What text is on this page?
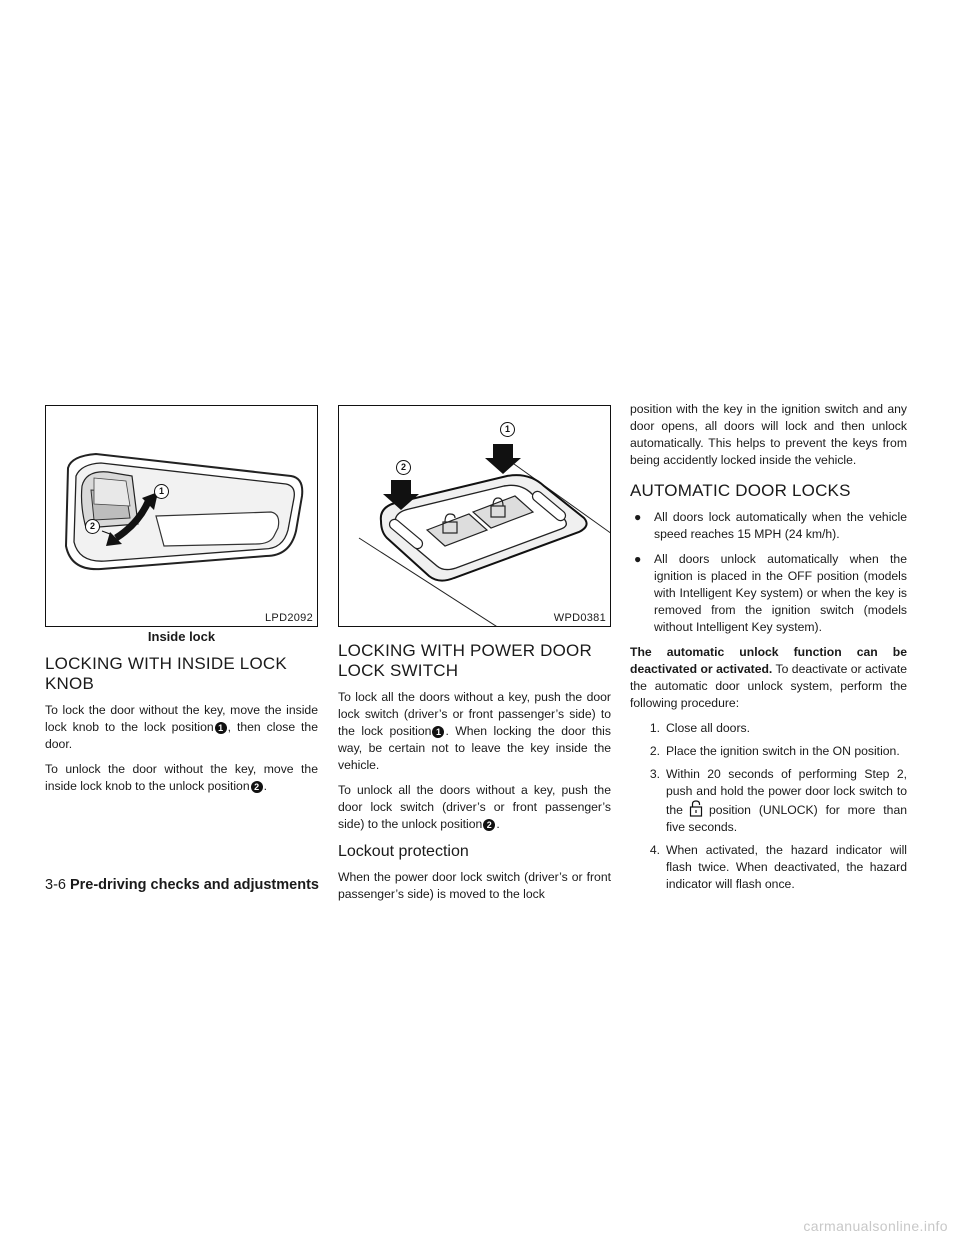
1
2
LPD2092
Inside lock
LOCKING WITH INSIDE LOCK KNOB

To lock the door without the key, move the inside lock knob to the lock position 1 , then close the door.

To unlock the door without the key, move the inside lock knob to the unlock position 2 .

1
2
WPD0381
LOCKING WITH POWER DOOR LOCK SWITCH

To lock all the doors without a key, push the door lock switch (driver’s or front passenger’s side) to the lock position 1 . When locking the door this way, be certain not to leave the key inside the vehicle.

To unlock all the doors without a key, push the door lock switch (driver’s or front passenger’s side) to the unlock position 2 .

Lockout protection

When the power door lock switch (driver’s or front passenger’s side) is moved to the lock

position with the key in the ignition switch and any door opens, all doors will lock and then unlock automatically. This helps to prevent the keys from being accidently locked inside the vehicle.

AUTOMATIC DOOR LOCKS
●	All doors lock automatically when the vehicle speed reaches 15 MPH (24 km/h).
●	All doors unlock automatically when the ignition is placed in the OFF position (models with Intelligent Key system) or when the key is removed from the ignition switch (models without Intelligent Key system).

The automatic unlock function can be deactivated or activated. To deactivate or activate the automatic door unlock system, perform the following procedure:

1. Close all doors.
2. Place the ignition switch in the ON position.
3. Within 20 seconds of performing Step 2, push and hold the power door lock switch to the position (UNLOCK) for more than five seconds.
4. When activated, the hazard indicator will flash twice. When deactivated, the hazard indicator will flash once.
3-6 Pre-driving checks and adjustments
carmanualsonline.info
